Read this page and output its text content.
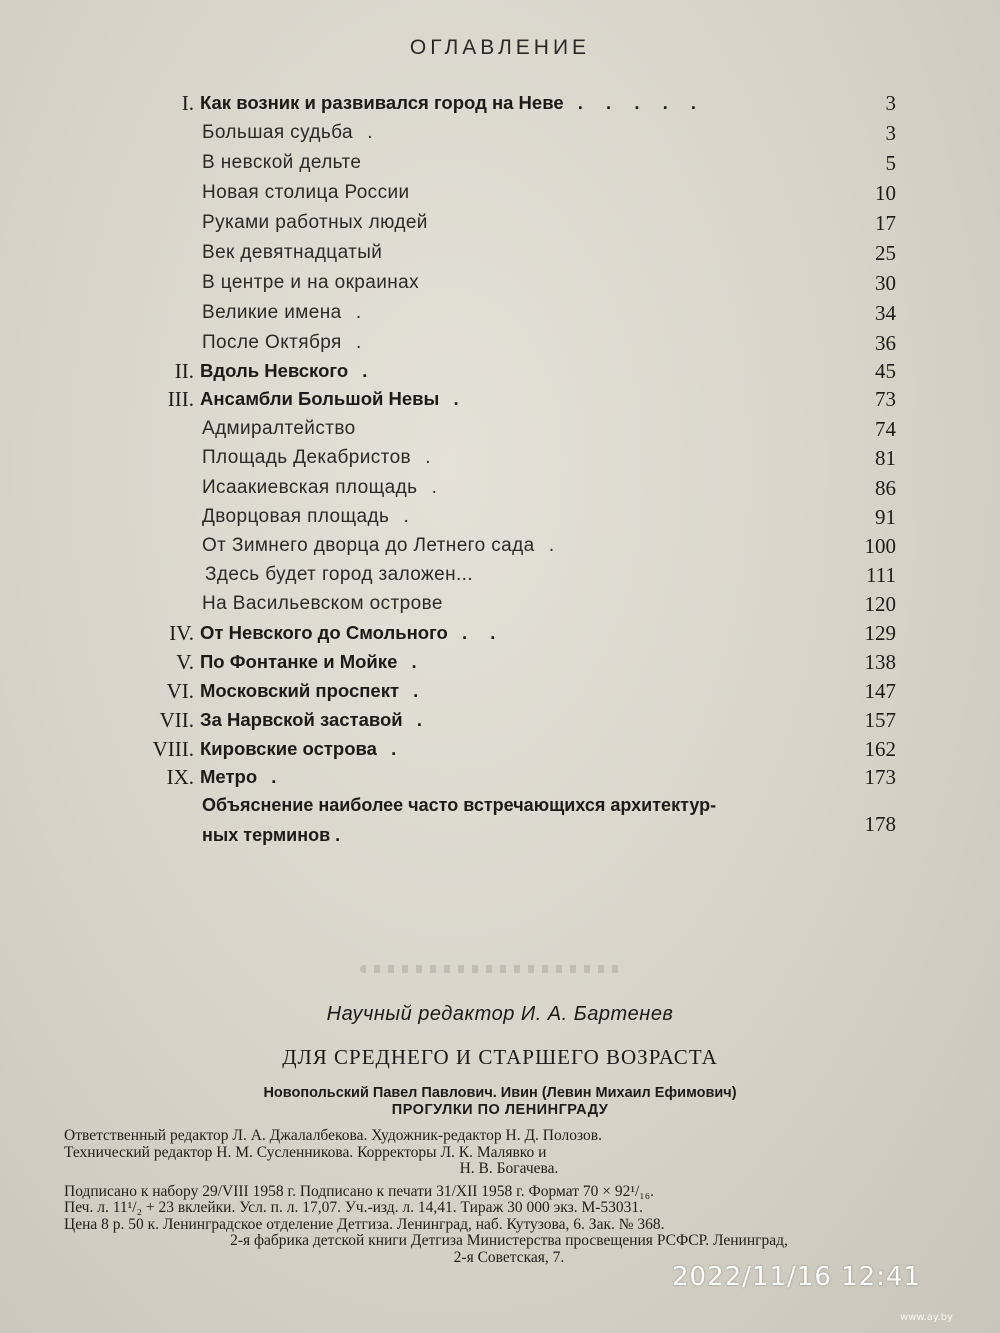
ОГЛАВЛЕНИЕ
I. Как возник и развивался город на Неве . . . . .	3
Большая судьба .	3
В невской дельте	5
Новая столица России	10
Руками работных людей	17
Век девятнадцатый	25
В центре и на окраинах	30
Великие имена .	34
После Октября .	36
II. Вдоль Невского .	45
III. Ансамбли Большой Невы .	73
Адмиралтейство	74
Площадь Декабристов .	81
Исаакиевская площадь .	86
Дворцовая площадь .	91
От Зимнего дворца до Летнего сада .	100
Здесь будет город заложен...	111
На Васильевском острове	120
IV. От Невского до Смольного . .	129
V. По Фонтанке и Мойке .	138
VI. Московский проспект .	147
VII. За Нарвской заставой .	157
VIII. Кировские острова .	162
IX. Метро .	173
Объяснение наиболее часто встречающихся архитектур-
ных терминов .	178
Научный редактор И. А. Бартенев
ДЛЯ СРЕДНЕГО И СТАРШЕГО ВОЗРАСТА
Новопольский Павел Павлович. Ивин (Левин Михаил Ефимович)
ПРОГУЛКИ ПО ЛЕНИНГРАДУ
Ответственный редактор Л. А. Джалалбекова. Художник-редактор Н. Д. Полозов.
Технический редактор Н. М. Сусленникова. Корректоры Л. К. Малявко и
Н. В. Богачева.
Подписано к набору 29/VIII 1958 г. Подписано к печати 31/XII 1958 г. Формат 70 × 92¹/₁₆.
Печ. л. 11¹/₂ + 23 вклейки. Усл. п. л. 17,07. Уч.-изд. л. 14,41. Тираж 30 000 экз. М-53031.
Цена 8 р. 50 к. Ленинградское отделение Детгиза. Ленинград, наб. Кутузова, 6. Зак. № 368.
2-я фабрика детской книги Детгиза Министерства просвещения РСФСР. Ленинград,
2-я Советская, 7.
2022/11/16 12:41
www.ay.by
